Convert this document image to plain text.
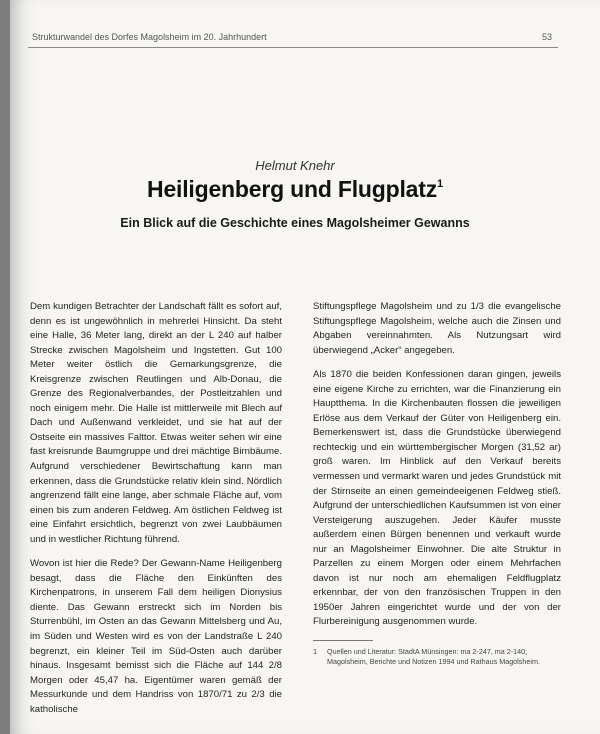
Strukturwandel des Dorfes Magolsheim im 20. Jahrhundert	53
Helmut Knehr
Heiligenberg und Flugplatz$^1$
Ein Blick auf die Geschichte eines Magolsheimer Gewanns

Dem kundigen Betrachter der Landschaft fällt es sofort auf, denn es ist ungewöhnlich in mehrerlei Hinsicht. Da steht eine Halle, 36 Meter lang, direkt an der L 240 auf halber Strecke zwischen Magolsheim und Ingstetten. Gut 100 Meter weiter östlich die Gemarkungsgrenze, die Kreisgrenze zwischen Reutlingen und Alb-Donau, die Grenze des Regionalverbandes, der Postleitzahlen und noch einigem mehr. Die Halle ist mittlerweile mit Blech auf Dach und Außenwand verkleidet, und sie hat auf der Ostseite ein massives Falttor. Etwas weiter sehen wir eine fast kreisrunde Baumgruppe und drei mächtige Birnbäume. Aufgrund verschiedener Bewirtschaftung kann man erkennen, dass die Grundstücke relativ klein sind. Nördlich angrenzend fällt eine lange, aber schmale Fläche auf, vom einen bis zum anderen Feldweg. Am östlichen Feldweg ist eine Einfahrt ersichtlich, begrenzt von zwei Laubbäumen und in westlicher Richtung führend.

Wovon ist hier die Rede? Der Gewann-Name Heiligenberg besagt, dass die Fläche den Einkünften des Kirchenpatrons, in unserem Fall dem heiligen Dionysius diente. Das Gewann erstreckt sich im Norden bis Sturrenbühl, im Osten an das Gewann Mittelsberg und Au, im Süden und Westen wird es von der Landstraße L 240 begrenzt, ein kleiner Teil im Süd-Osten auch darüber hinaus. Insgesamt bemisst sich die Fläche auf 144 2/8 Morgen oder 45,47 ha. Eigentümer waren gemäß der Messurkunde und dem Handriss von 1870/71 zu 2/3 die katholische

Stiftungspflege Magolsheim und zu 1/3 die evangelische Stiftungspflege Magolsheim, welche auch die Zinsen und Abgaben vereinnahmten. Als Nutzungsart wird überwiegend „Acker“ angegeben.

Als 1870 die beiden Konfessionen daran gingen, jeweils eine eigene Kirche zu errichten, war die Finanzierung ein Hauptthema. In die Kirchenbauten flossen die jeweiligen Erlöse aus dem Verkauf der Güter von Heiligenberg ein. Bemerkenswert ist, dass die Grundstücke überwiegend rechteckig und ein württembergischer Morgen (31,52 ar) groß waren. Im Hinblick auf den Verkauf bereits vermessen und vermarkt waren und jedes Grundstück mit der Stirnseite an einen gemeindeeigenen Feldweg stieß. Aufgrund der unterschiedlichen Kaufsummen ist von einer Versteigerung auszugehen. Jeder Käufer musste außerdem einen Bürgen benennen und verkauft wurde nur an Magolsheimer Einwohner. Die alte Struktur in Parzellen zu einem Morgen oder einem Mehrfachen davon ist nur noch am ehemaligen Feldflugplatz erkennbar, der von den französischen Truppen in den 1950er Jahren eingerichtet wurde und der von der Flurbereinigung ausgenommen wurde.

1 Quellen und Literatur: StadtA Münsingen: ma 2-247, ma 2-140; Magolsheim, Berichte und Notizen 1994 und Rathaus Magolsheim.
